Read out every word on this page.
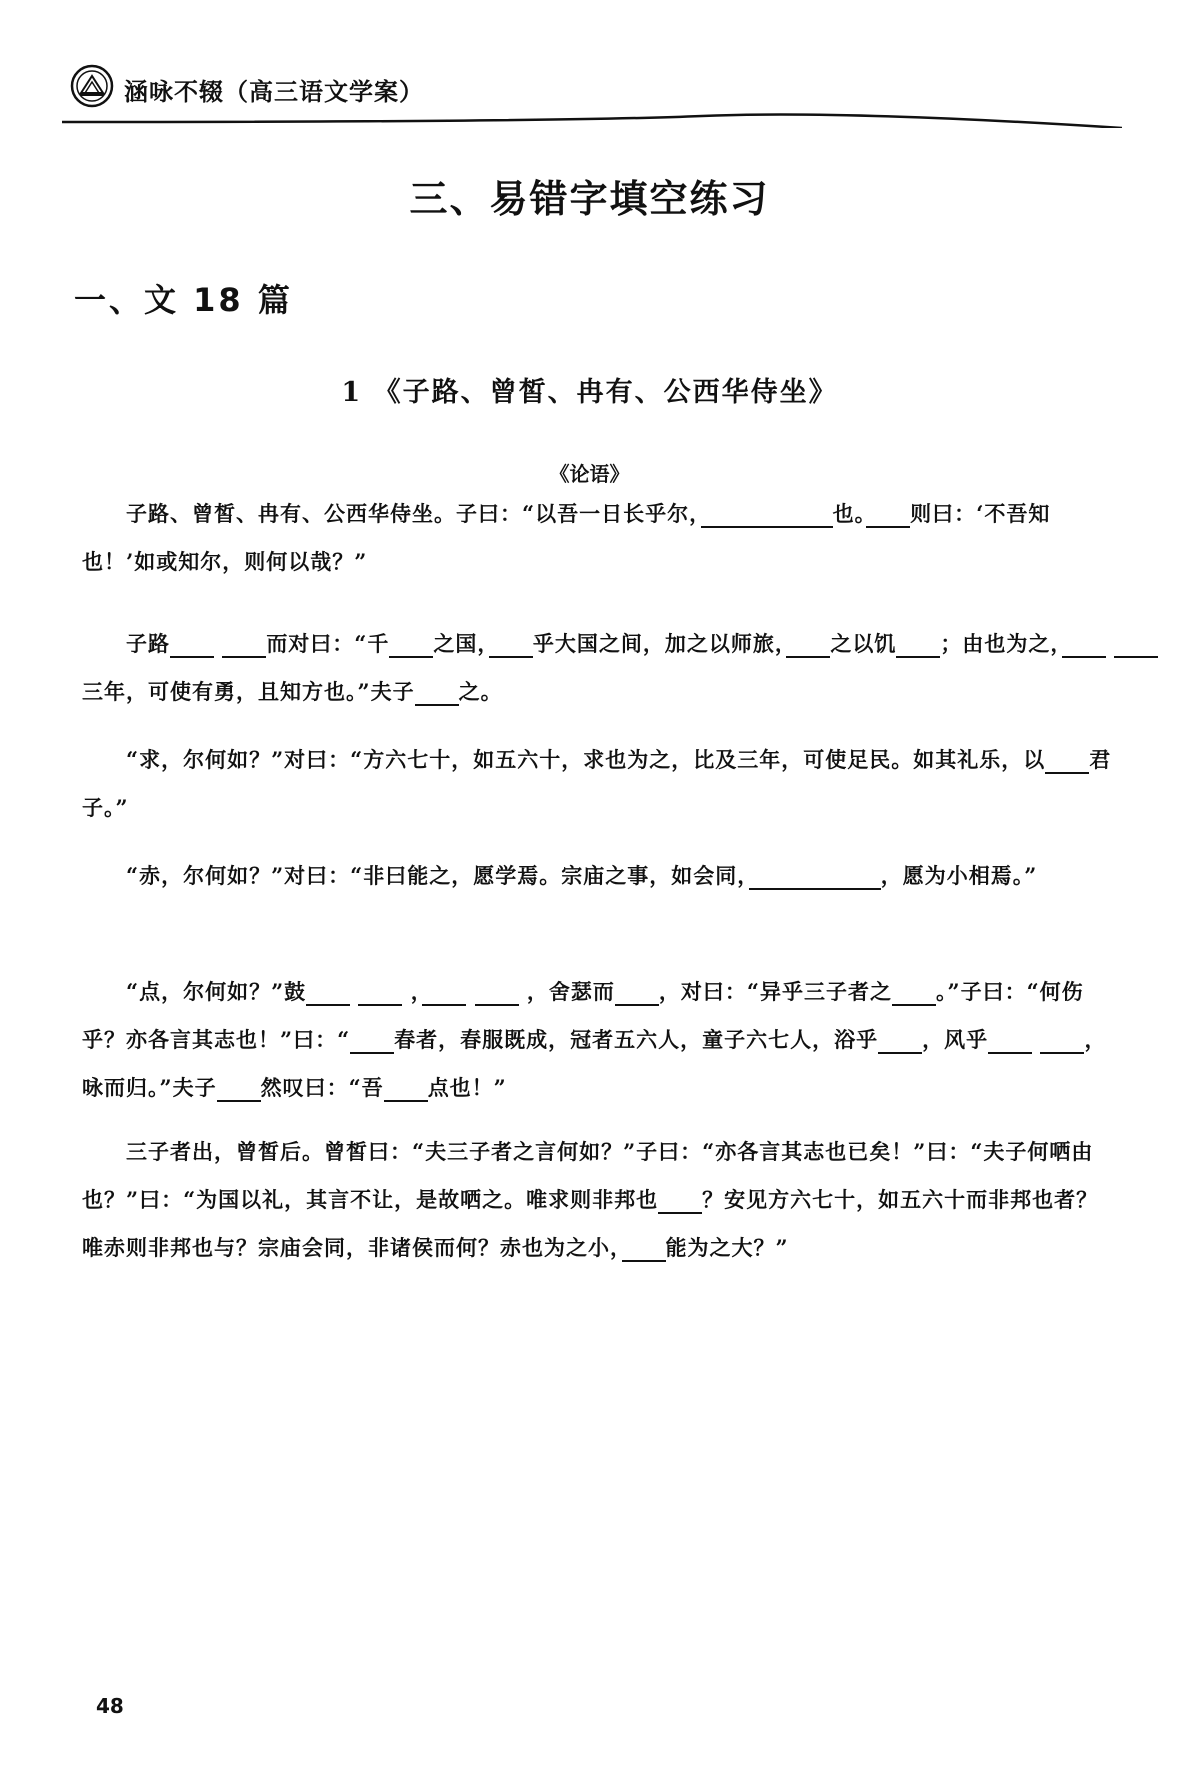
涵咏不辍（高三语文学案）
三、易错字填空练习
一、文 18 篇
1 《子路、曾皙、冉有、公西华侍坐》
《论语》
子路、曾皙、冉有、公西华侍坐。子曰：“以吾一日长乎尔，　　　　　　	也。　　 则曰：‘不吾知也！’如或知尔，则何以哉？”
子路　　 　　	而对曰：“千　　 之国，　　 乎大国之间，加之以师旅，　　 之以饥　　 ；由也为之，　　 　　三年，可使有勇，且知方也。”夫子　　 之。
“求，尔何如？”对曰：“方六七十，如五六十，求也为之，比及三年，可使足民。如其礼乐，以　　 君子。”
“赤，尔何如？”对曰：“非曰能之，愿学焉。宗庙之事，如会同，　　　　　　	，愿为小相焉。”
“点，尔何如？”鼓　　 　　	，　　 　　	，舍瑟而　　 ，对曰：“异乎三子者之　　 。”子曰：“何伤乎？亦各言其志也！”曰：“　　 春者，春服既成，冠者五六人，童子六七人，浴乎　　 ，风乎　　 　　	，咏而归。”夫子　　 然叹曰：“吾　　 点也！”
三子者出，曾皙后。曾皙曰：“夫三子者之言何如？”子曰：“亦各言其志也已矣！”曰：“夫子何哂由也？”曰：“为国以礼，其言不让，是故哂之。唯求则非邦也　　 ？安见方六七十，如五六十而非邦也者？唯赤则非邦也与？宗庙会同，非诸侯而何？赤也为之小，　　 能为之大？”
48
